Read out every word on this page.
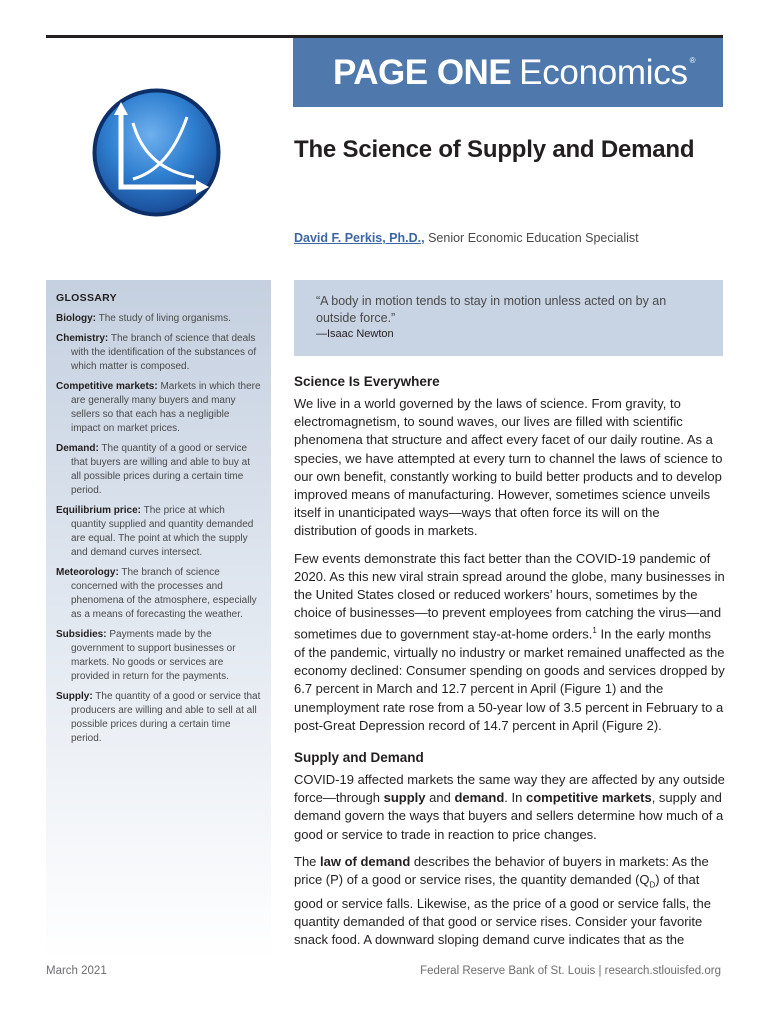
PAGE ONE Economics ®
The Science of Supply and Demand
David F. Perkis, Ph.D., Senior Economic Education Specialist
GLOSSARY
Biology: The study of living organisms.
Chemistry: The branch of science that deals with the identification of the substances of which matter is composed.
Competitive markets: Markets in which there are generally many buyers and many sellers so that each has a negligible impact on market prices.
Demand: The quantity of a good or service that buyers are willing and able to buy at all possible prices during a certain time period.
Equilibrium price: The price at which quantity supplied and quantity demanded are equal. The point at which the supply and demand curves intersect.
Meteorology: The branch of science concerned with the processes and phenomena of the atmosphere, especially as a means of forecasting the weather.
Subsidies: Payments made by the government to support businesses or markets. No goods or services are provided in return for the payments.
Supply: The quantity of a good or service that producers are willing and able to sell at all possible prices during a certain time period.
“A body in motion tends to stay in motion unless acted on by an outside force.”
—Isaac Newton
Science Is Everywhere

We live in a world governed by the laws of science. From gravity, to electromagnetism, to sound waves, our lives are filled with scientific phenomena that structure and affect every facet of our daily routine. As a species, we have attempted at every turn to channel the laws of science to our own benefit, constantly working to build better products and to develop improved means of manufacturing. However, sometimes science unveils itself in unanticipated ways—ways that often force its will on the distribution of goods in markets.

Few events demonstrate this fact better than the COVID-19 pandemic of 2020. As this new viral strain spread around the globe, many businesses in the United States closed or reduced workers’ hours, sometimes by the choice of businesses—to prevent employees from catching the virus—and sometimes due to government stay-at-home orders.$^1$ In the early months of the pandemic, virtually no industry or market remained unaffected as the economy declined: Consumer spending on goods and services dropped by 6.7 percent in March and 12.7 percent in April (Figure 1) and the unemployment rate rose from a 50-year low of 3.5 percent in February to a post-Great Depression record of 14.7 percent in April (Figure 2).

Supply and Demand

COVID-19 affected markets the same way they are affected by any outside force—through supply and demand. In competitive markets, supply and demand govern the ways that buyers and sellers determine how much of a good or service to trade in reaction to price changes.

The law of demand describes the behavior of buyers in markets: As the price (P) of a good or service rises, the quantity demanded $(Q_D)$ of that good or service falls. Likewise, as the price of a good or service falls, the quantity demanded of that good or service rises. Consider your favorite snack food. A downward sloping demand curve indicates that as the

March 2021	Federal Reserve Bank of St. Louis | research.stlouisfed.org
